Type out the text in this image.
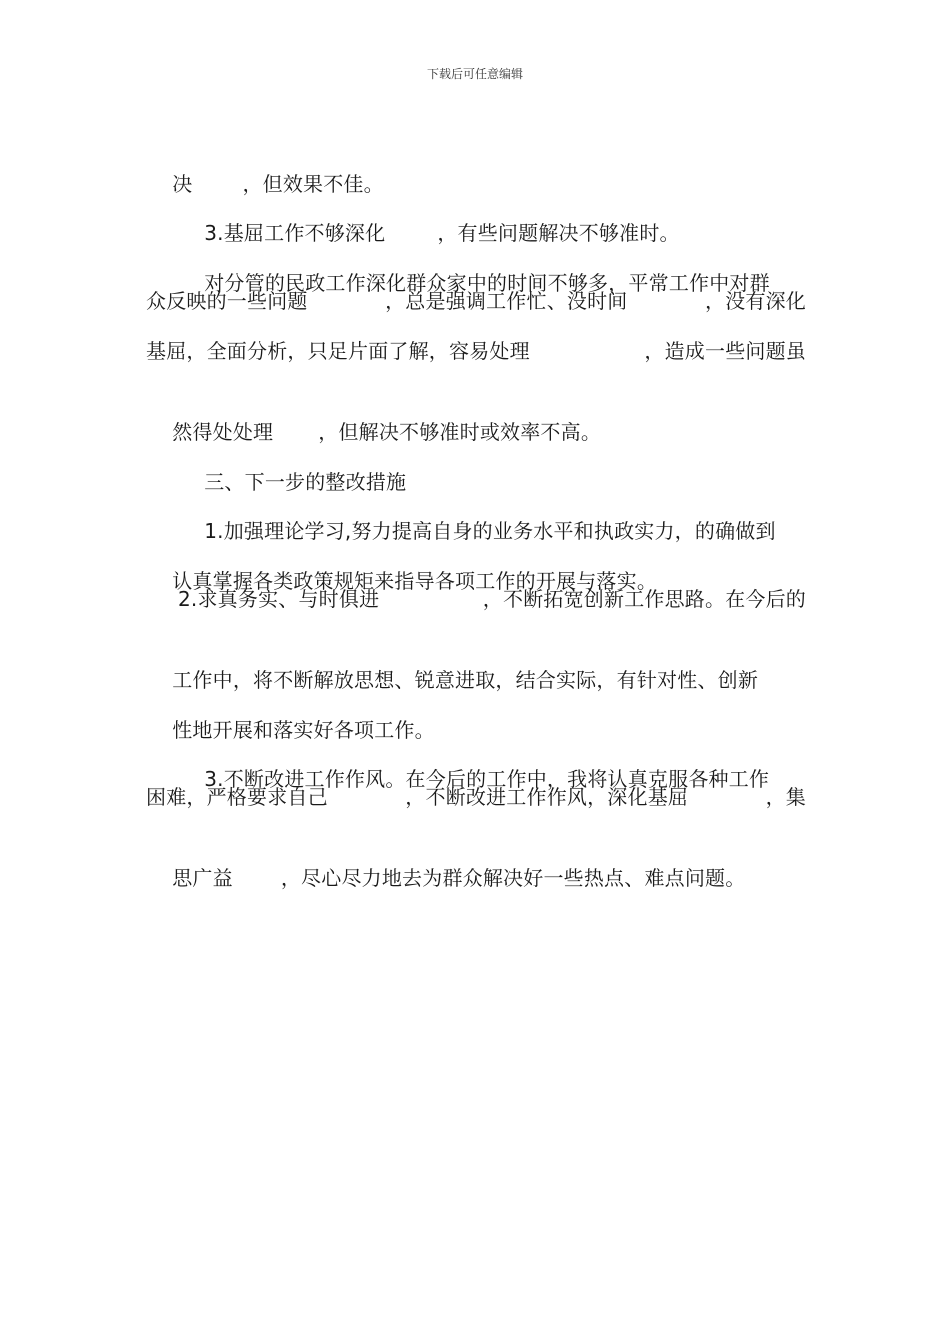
下载后可任意编辑

决	，但效果不佳。

3.基屈工作不够深化	，有些问题解决不够准时。

对分管的民政工作深化群众家中的时间不够多，平常工作中对群

众反映的一些问题	，总是强调工作忙、没时间	，没有深化
基屈，全面分析，只足片面了解，容易处理	，造成一些问题虽

然得处处理 ，但解决不够准时或效率不高。

三、下一步的整改措施

1.加强理论学习,努力提高自身的业务水平和执政实力，的确做到

认真掌握各类政策规矩来指导各项工作的开展与落实。

2.求真务实、与时俱进	，不断拓宽创新工作思路。在今后的

工作中，将不断解放思想、锐意进取，结合实际，有针对性、创新

性地开展和落实好各项工作。

3.不断改进工作作风。在今后的工作中，我将认真克服各种工作

困难，严格要求自己	，不断改进工作作风，深化基屈	，集

思广益 ，尽心尽力地去为群众解决好一些热点、难点问题。
